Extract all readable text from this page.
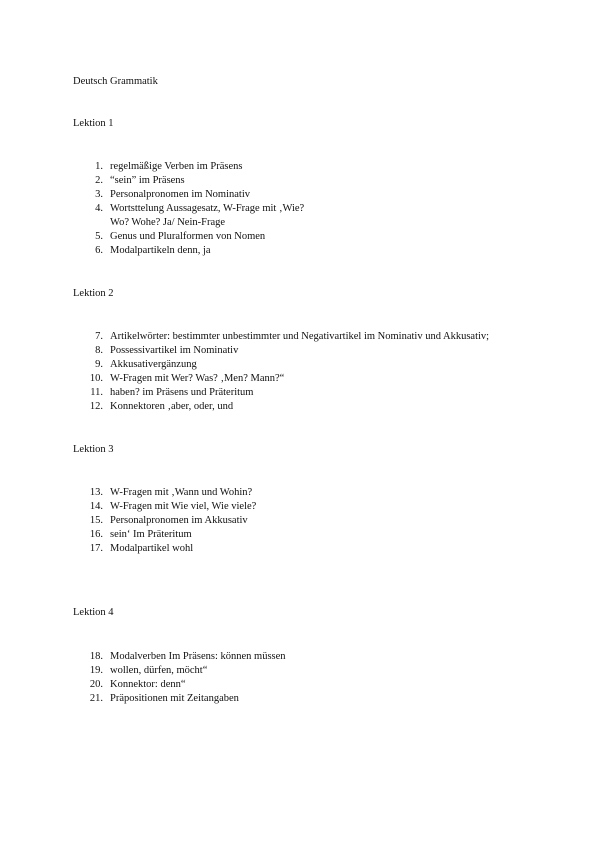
Deutsch Grammatik
Lektion 1
1. regelmäßige Verben im Präsens
2. “sein” im Präsens
3. Personalpronomen im Nominativ
4. Wortsttelung Aussagesatz, W-Frage mit ‚Wie?
Wo? Wohe? Ja/ Nein-Frage
5. Genus und Pluralformen von Nomen
6. Modalpartikeln denn, ja
Lektion 2
7. Artikelwörter: bestimmter unbestimmter und Negativartikel im Nominativ und Akkusativ;
8. Possessivartikel im Nominativ
9. Akkusativergänzung
10. W-Fragen mit Wer? Was? ‚Men? Mann?“
11. haben? im Präsens und Präteritum
12. Konnektoren ‚aber, oder, und
Lektion 3
13. W-Fragen mit ‚Wann und Wohin?
14. W-Fragen mit Wie viel, Wie viele?
15. Personalpronomen im Akkusativ
16. sein‘ Im Präteritum
17. Modalpartikel wohl
Lektion 4
18. Modalverben Im Präsens: können müssen
19. wollen, dürfen, möcht“
20. Konnektor: denn“
21. Präpositionen mit Zeitangaben
